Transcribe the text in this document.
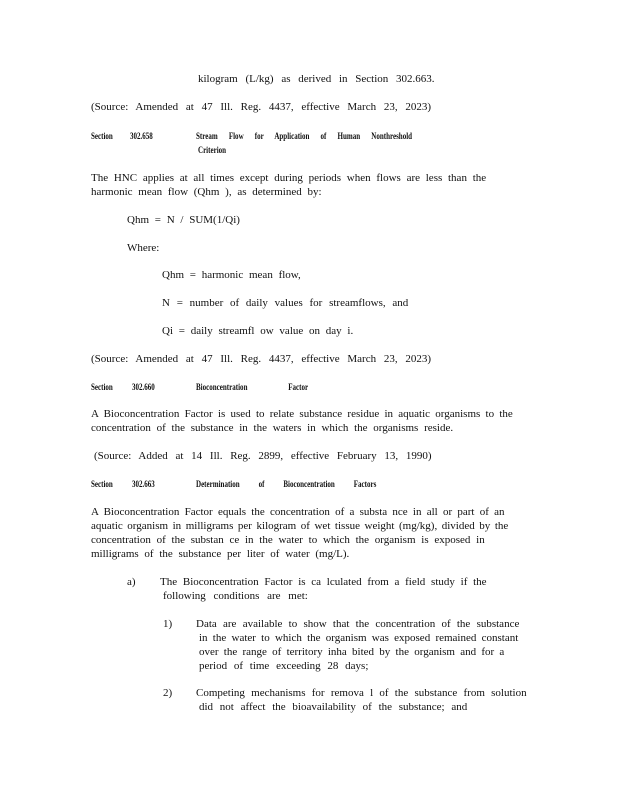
kilogram (L/kg) as derived in Section 302.663.
(Source: Amended at 47 Ill. Reg. 4437, effective March 23, 2023)
Section 302.658	Stream Flow for Application of Human Nonthreshold
Criterion
The HNC applies at all times except during periods when flows are less than the
harmonic mean flow (Qhm ), as determined by:
Qhm = N / SUM(1/Qi)
Where:
Qhm = harmonic mean flow,
N = number of daily values for streamflows, and
Qi = daily streamfl ow value on day i.
(Source: Amended at 47 Ill. Reg. 4437, effective March 23, 2023)
Section 302.660	Bioconcentration Factor
A Bioconcentration Factor is used to relate substance residue in aquatic organisms to the
concentration of the substance in the waters in which the organisms reside.
(Source: Added at 14 Ill. Reg. 2899, effective February 13, 1990)
Section 302.663	Determination of Bioconcentration Factors
A Bioconcentration Factor equals the concentration of a substa nce in all or part of an
aquatic organism in milligrams per kilogram of wet tissue weight (mg/kg), divided by the
concentration of the substan ce in the water to which the organism is exposed in
milligrams of the substance per liter of water (mg/L).
a) The Bioconcentration Factor is ca lculated from a field study if the
following conditions are met:
1) Data are available to show that the concentration of the substance
in the water to which the organism was exposed remained constant
over the range of territory inha bited by the organism and for a
period of time exceeding 28 days;
2) Competing mechanisms for remova l of the substance from solution
did not affect the bioavailability of the substance; and
